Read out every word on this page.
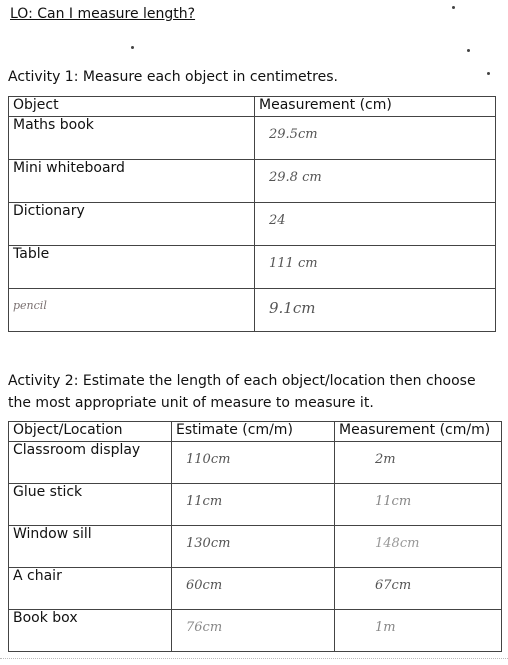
LO: Can I measure length?
Activity 1: Measure each object in centimetres.
Object	Measurement (cm)
Maths book	29.5cm

Mini whiteboard	29.8 cm

Dictionary	24

Table	111 cm

pencil	9.1cm
Activity 2: Estimate the length of each object/location then choose
the most appropriate unit of measure to measure it.
Object/Location	Estimate (cm/m)	Measurement (cm/m)
Classroom display	110cm	2m

Glue stick	11cm	11cm

Window sill	130cm	148cm

A chair	60cm	67cm

Book box	76cm	1m
